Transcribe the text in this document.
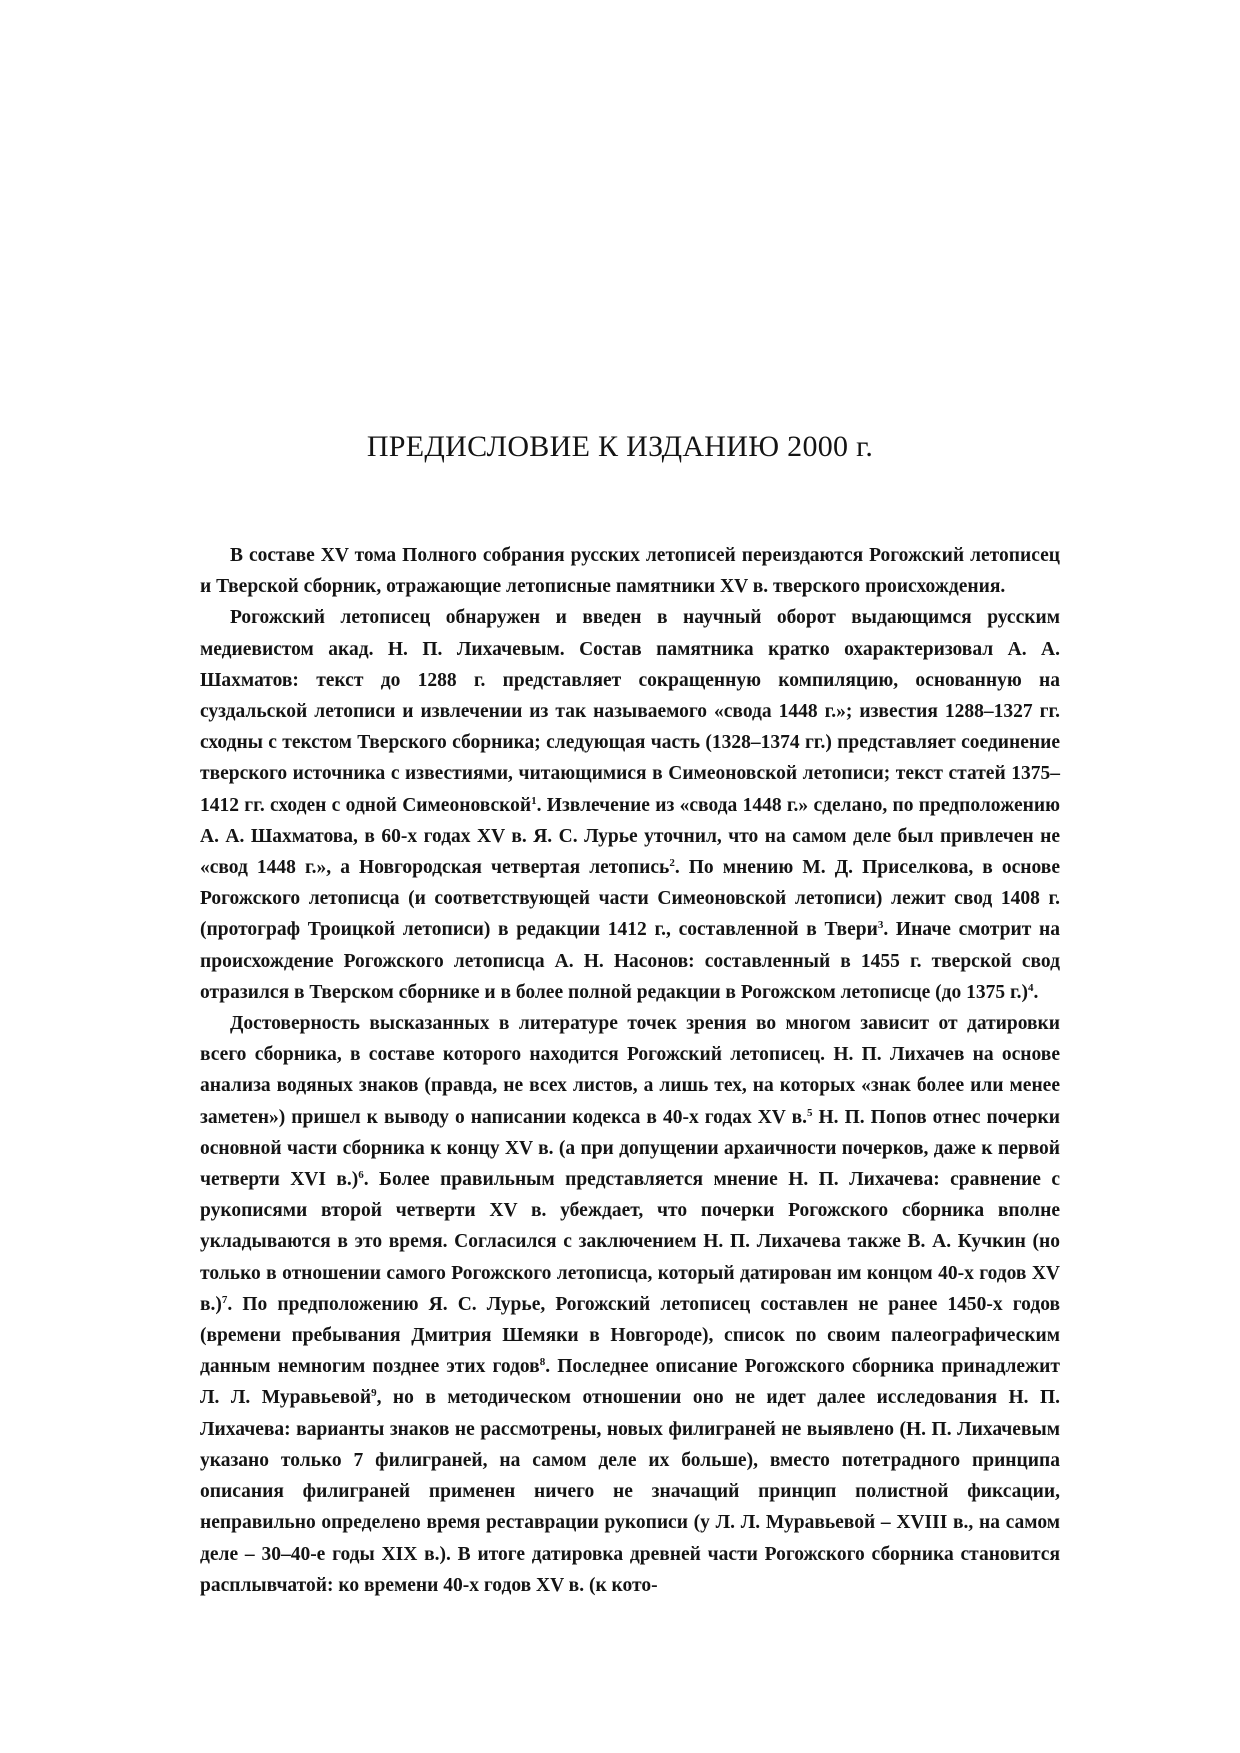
ПРЕДИСЛОВИЕ К ИЗДАНИЮ 2000 г.

В составе XV тома Полного собрания русских летописей переиздаются Рогожский летописец и Тверской сборник, отражающие летописные памятники XV в. тверского происхождения.

Рогожский летописец обнаружен и введен в научный оборот выдающимся русским медиевистом акад. Н. П. Лихачевым. Состав памятника кратко охарактеризовал А. А. Шахматов: текст до 1288 г. представляет сокращенную компиляцию, основанную на суздальской летописи и извлечении из так называемого «свода 1448 г.»; известия 1288–1327 гг. сходны с текстом Тверского сборника; следующая часть (1328–1374 гг.) представляет соединение тверского источника с известиями, читающимися в Симеоновской летописи; текст статей 1375–1412 гг. сходен с одной Симеоновской$^1$. Извлечение из «свода 1448 г.» сделано, по предположению А. А. Шахматова, в 60-х годах XV в. Я. С. Лурье уточнил, что на самом деле был привлечен не «свод 1448 г.», а Новгородская четвертая летопись$^2$. По мнению М. Д. Приселкова, в основе Рогожского летописца (и соответствующей части Симеоновской летописи) лежит свод 1408 г. (протограф Троицкой летописи) в редакции 1412 г., составленной в Твери$^3$. Иначе смотрит на происхождение Рогожского летописца А. Н. Насонов: составленный в 1455 г. тверской свод отразился в Тверском сборнике и в более полной редакции в Рогожском летописце (до 1375 г.)$^4$.

Достоверность высказанных в литературе точек зрения во многом зависит от датировки всего сборника, в составе которого находится Рогожский летописец. Н. П. Лихачев на основе анализа водяных знаков (правда, не всех листов, а лишь тех, на которых «знак более или менее заметен») пришел к выводу о написании кодекса в 40-х годах XV в.$^5$ Н. П. Попов отнес почерки основной части сборника к концу XV в. (а при допущении архаичности почерков, даже к первой четверти XVI в.)$^6$. Более правильным представляется мнение Н. П. Лихачева: сравнение с рукописями второй четверти XV в. убеждает, что почерки Рогожского сборника вполне укладываются в это время. Согласился с заключением Н. П. Лихачева также В. А. Кучкин (но только в отношении самого Рогожского летописца, который датирован им концом 40-х годов XV в.)$^7$. По предположению Я. С. Лурье, Рогожский летописец составлен не ранее 1450-х годов (времени пребывания Дмитрия Шемяки в Новгороде), список по своим палеографическим данным немногим позднее этих годов$^8$. Последнее описание Рогожского сборника принадлежит Л. Л. Муравьевой$^9$, но в методическом отношении оно не идет далее исследования Н. П. Лихачева: варианты знаков не рассмотрены, новых филиграней не выявлено (Н. П. Лихачевым указано только 7 филиграней, на самом деле их больше), вместо потетрадного принципа описания филиграней применен ничего не значащий принцип полистной фиксации, неправильно определено время реставрации рукописи (у Л. Л. Муравьевой – XVIII в., на самом деле – 30–40-е годы XIX в.). В итоге датировка древней части Рогожского сборника становится расплывчатой: ко времени 40-х годов XV в. (к кото-
